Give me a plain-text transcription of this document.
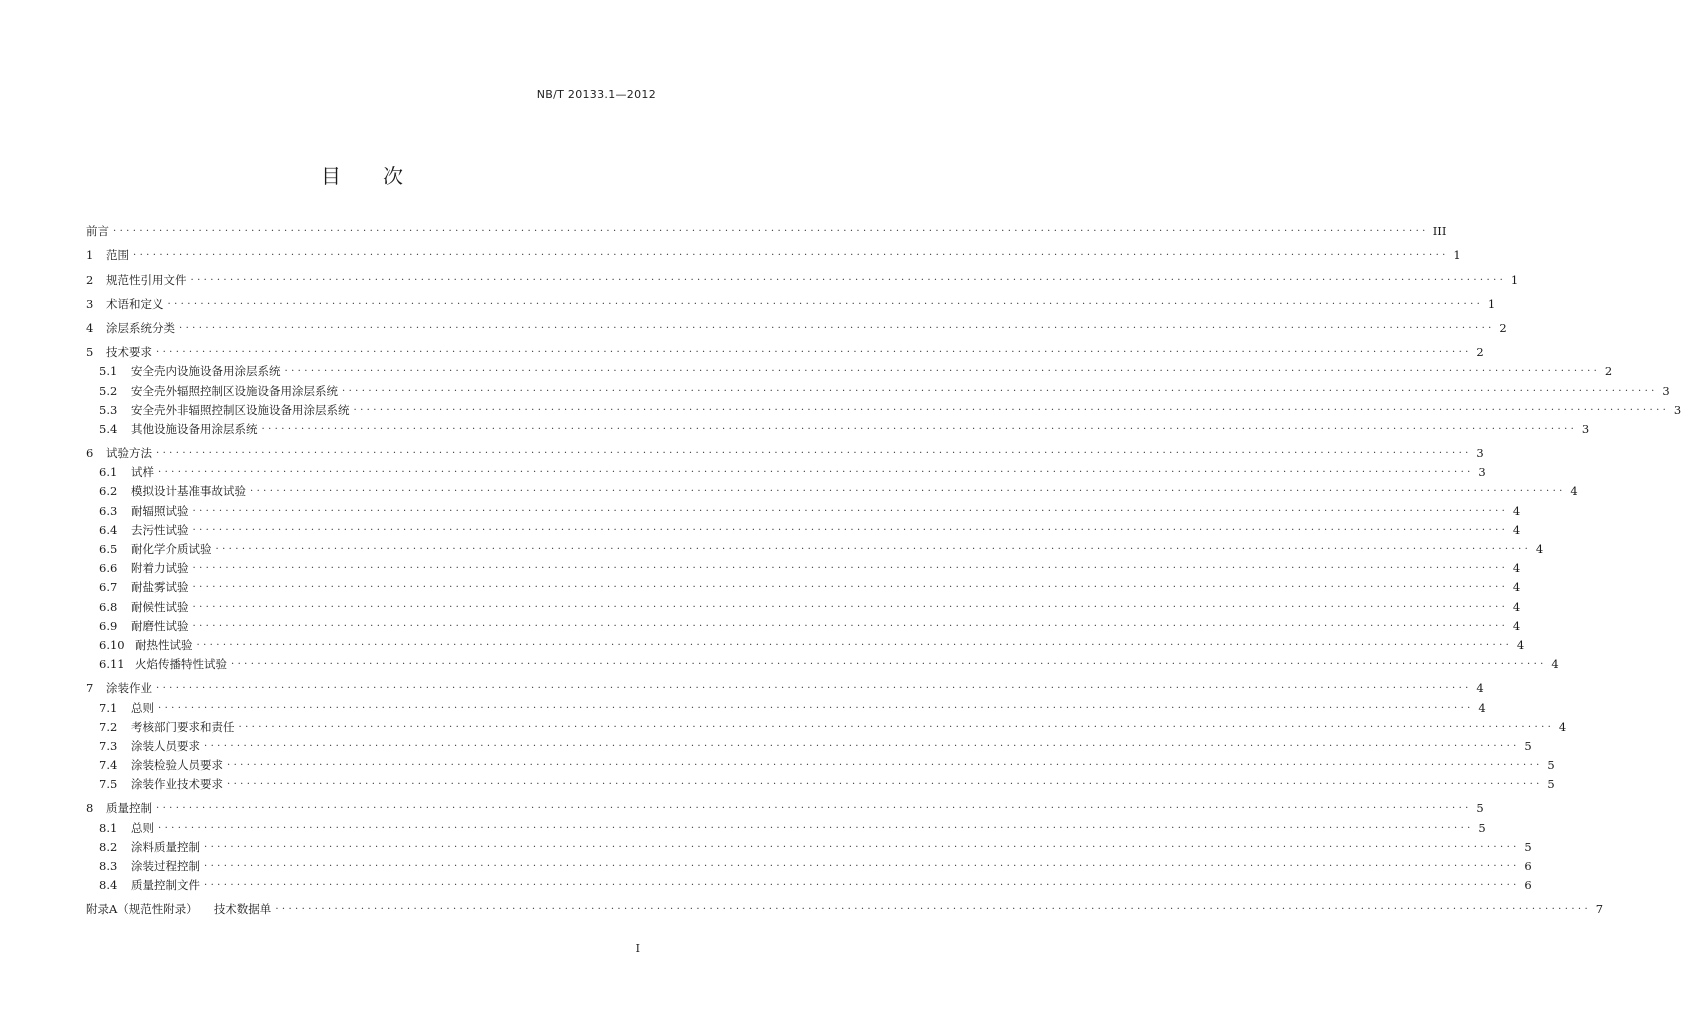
NB/T 20133.1—2012
目 次
前言 ........................................................................................................................................................................................................ III
1	范围 ........................................................................................................................................................................................................ 1
2	规范性引用文件 ........................................................................................................................................................................................................ 1
3	术语和定义 ........................................................................................................................................................................................................ 1
4	涂层系统分类 ........................................................................................................................................................................................................ 2
5	技术要求 ........................................................................................................................................................................................................ 2
5.1	安全壳内设施设备用涂层系统 ........................................................................................................................................................................................................ 2
5.2	安全壳外辐照控制区设施设备用涂层系统 ........................................................................................................................................................................................................ 3
5.3	安全壳外非辐照控制区设施设备用涂层系统 ........................................................................................................................................................................................................ 3
5.4	其他设施设备用涂层系统 ........................................................................................................................................................................................................ 3
6	试验方法 ........................................................................................................................................................................................................ 3
6.1	试样 ........................................................................................................................................................................................................ 3
6.2	模拟设计基准事故试验 ........................................................................................................................................................................................................ 4
6.3	耐辐照试验 ........................................................................................................................................................................................................ 4
6.4	去污性试验 ........................................................................................................................................................................................................ 4
6.5	耐化学介质试验 ........................................................................................................................................................................................................ 4
6.6	附着力试验 ........................................................................................................................................................................................................ 4
6.7	耐盐雾试验 ........................................................................................................................................................................................................ 4
6.8	耐候性试验 ........................................................................................................................................................................................................ 4
6.9	耐磨性试验 ........................................................................................................................................................................................................ 4
6.10 耐热性试验 ........................................................................................................................................................................................................ 4
6.11 火焰传播特性试验 ........................................................................................................................................................................................................ 4
7	涂装作业 ........................................................................................................................................................................................................ 4
7.1	总则 ........................................................................................................................................................................................................ 4
7.2	考核部门要求和责任 ........................................................................................................................................................................................................ 4
7.3	涂装人员要求 ........................................................................................................................................................................................................ 5
7.4	涂装检验人员要求 ........................................................................................................................................................................................................ 5
7.5	涂装作业技术要求 ........................................................................................................................................................................................................ 5
8	质量控制 ........................................................................................................................................................................................................ 5
8.1	总则 ........................................................................................................................................................................................................ 5
8.2	涂料质量控制 ........................................................................................................................................................................................................ 5
8.3	涂装过程控制 ........................................................................................................................................................................................................ 6
8.4	质量控制文件 ........................................................................................................................................................................................................ 6
附录A（规范性附录） 技术数据单 ........................................................................................................................................................................................................ 7
I
